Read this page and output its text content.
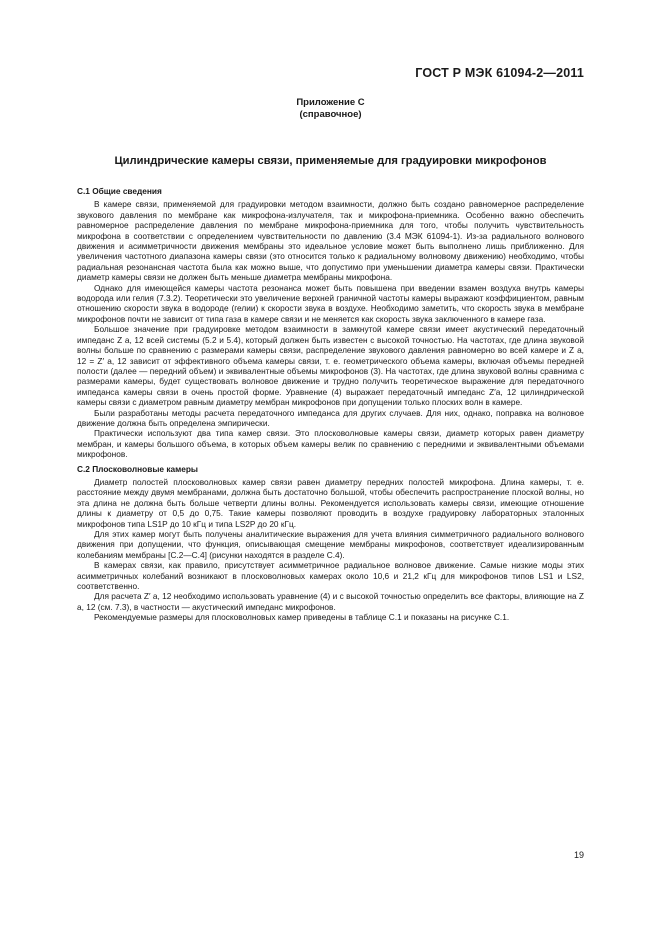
ГОСТ Р МЭК 61094-2—2011
Приложение С
(справочное)
Цилиндрические камеры связи, применяемые для градуировки микрофонов
С.1 Общие сведения

В камере связи, применяемой для градуировки методом взаимности, должно быть создано равномерное распределение звукового давления по мембране как микрофона-излучателя, так и микрофона-приемника. Особенно важно обеспечить равномерное распределение давления по мембране микрофона-приемника для того, чтобы получить чувствительность микрофона в соответствии с определением чувствительности по давлению (3.4 МЭК 61094-1). Из-за радиального волнового движения и асимметричности движения мембраны это идеальное условие может быть выполнено лишь приближенно. Для увеличения частотного диапазона камеры связи (это относится только к радиальному волновому движению) необходимо, чтобы радиальная резонансная частота была как можно выше, что допустимо при уменьшении диаметра камеры связи. Практически диаметр камеры связи не должен быть меньше диаметра мембраны микрофона.

Однако для имеющейся камеры частота резонанса может быть повышена при введении взамен воздуха внутрь камеры водорода или гелия (7.3.2). Теоретически это увеличение верхней граничной частоты камеры выражают коэффициентом, равным отношению скорости звука в водороде (гелии) к скорости звука в воздухе. Необходимо заметить, что скорость звука в мембране микрофонов почти не зависит от типа газа в камере связи и не меняется как скорость звука заключенного в камере газа.

Большое значение при градуировке методом взаимности в замкнутой камере связи имеет акустический передаточный импеданс Z a, 12 всей системы (5.2 и 5.4), который должен быть известен с высокой точностью. На частотах, где длина звуковой волны больше по сравнению с размерами камеры связи, распределение звукового давления равномерно во всей камере и Z a, 12 = Z′ a, 12 зависит от эффективного объема камеры связи, т. е. геометрического объема камеры, включая объемы передней полости (далее — передний объем) и эквивалентные объемы микрофонов (3). На частотах, где длина звуковой волны сравнима с размерами камеры, будет существовать волновое движение и трудно получить теоретическое выражение для передаточного импеданса камеры связи в очень простой форме. Уравнение (4) выражает передаточный импеданс Z′a, 12 цилиндрической камеры связи с диаметром равным диаметру мембран микрофонов при допущении только плоских волн в камере.

Были разработаны методы расчета передаточного импеданса для других случаев. Для них, однако, поправка на волновое движение должна быть определена эмпирически.

Практически используют два типа камер связи. Это плосковолновые камеры связи, диаметр которых равен диаметру мембран, и камеры большого объема, в которых объем камеры велик по сравнению с передними и эквивалентными объемами микрофонов.

С.2 Плосковолновые камеры

Диаметр полостей плосковолновых камер связи равен диаметру передних полостей микрофона. Длина камеры, т. е. расстояние между двумя мембранами, должна быть достаточно большой, чтобы обеспечить распространение плоской волны, но эта длина не должна быть больше четверти длины волны. Рекомендуется использовать камеры связи, имеющие отношение длины к диаметру от 0,5 до 0,75. Такие камеры позволяют проводить в воздухе градуировку лабораторных эталонных микрофонов типа LS1P до 10 кГц и типа LS2P до 20 кГц.

Для этих камер могут быть получены аналитические выражения для учета влияния симметричного радиального волнового движения при допущении, что функция, описывающая смещение мембраны микрофонов, соответствует идеализированным колебаниям мембраны [С.2—С.4] (рисунки находятся в разделе С.4).

В камерах связи, как правило, присутствует асимметричное радиальное волновое движение. Самые низкие моды этих асимметричных колебаний возникают в плосковолновых камерах около 10,6 и 21,2 кГц для микрофонов типов LS1 и LS2, соответственно.

Для расчета Z′ a, 12 необходимо использовать уравнение (4) и с высокой точностью определить все факторы, влияющие на Z a, 12 (см. 7.3), в частности — акустический импеданс микрофонов.

Рекомендуемые размеры для плосковолновых камер приведены в таблице С.1 и показаны на рисунке С.1.

19
